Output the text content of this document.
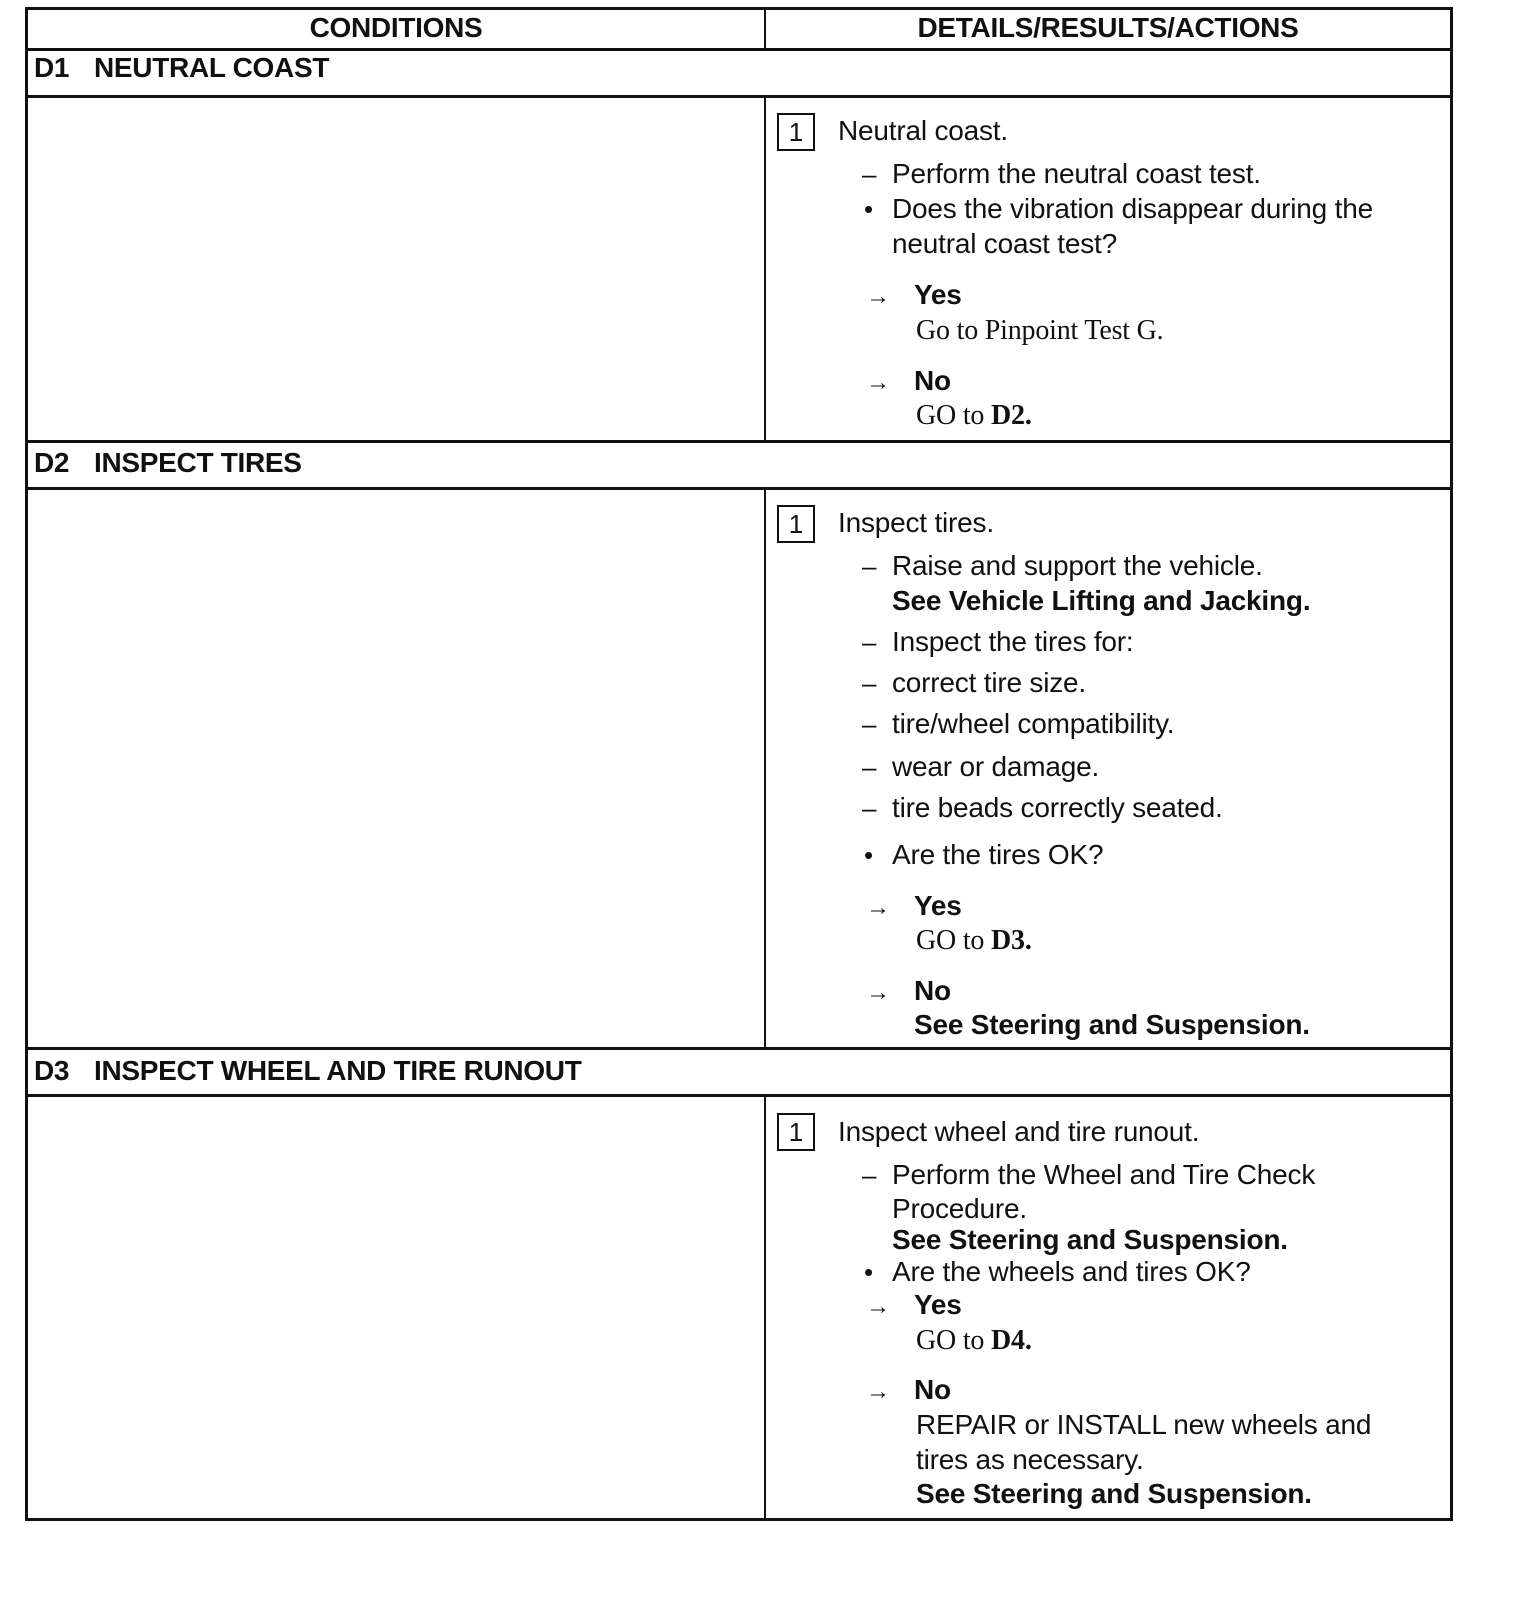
CONDITIONS	DETAILS/RESULTS/ACTIONS
D1 NEUTRAL COAST
1	Neutral coast.
– Perform the neutral coast test.
• Does the vibration disappear during the
neutral coast test?
→ Yes
Go to Pinpoint Test G.
→ No
GO to D2.
D2 INSPECT TIRES
1	Inspect tires.
– Raise and support the vehicle.
See Vehicle Lifting and Jacking.
– Inspect the tires for:
– correct tire size.
– tire/wheel compatibility.
– wear or damage.
– tire beads correctly seated.
• Are the tires OK?
→ Yes
GO to D3.
→ No
See Steering and Suspension.
D3 INSPECT WHEEL AND TIRE RUNOUT
1	Inspect wheel and tire runout.
– Perform the Wheel and Tire Check
Procedure.
See Steering and Suspension.
• Are the wheels and tires OK?
→ Yes
GO to D4.
→ No
REPAIR or INSTALL new wheels and
tires as necessary.
See Steering and Suspension.
